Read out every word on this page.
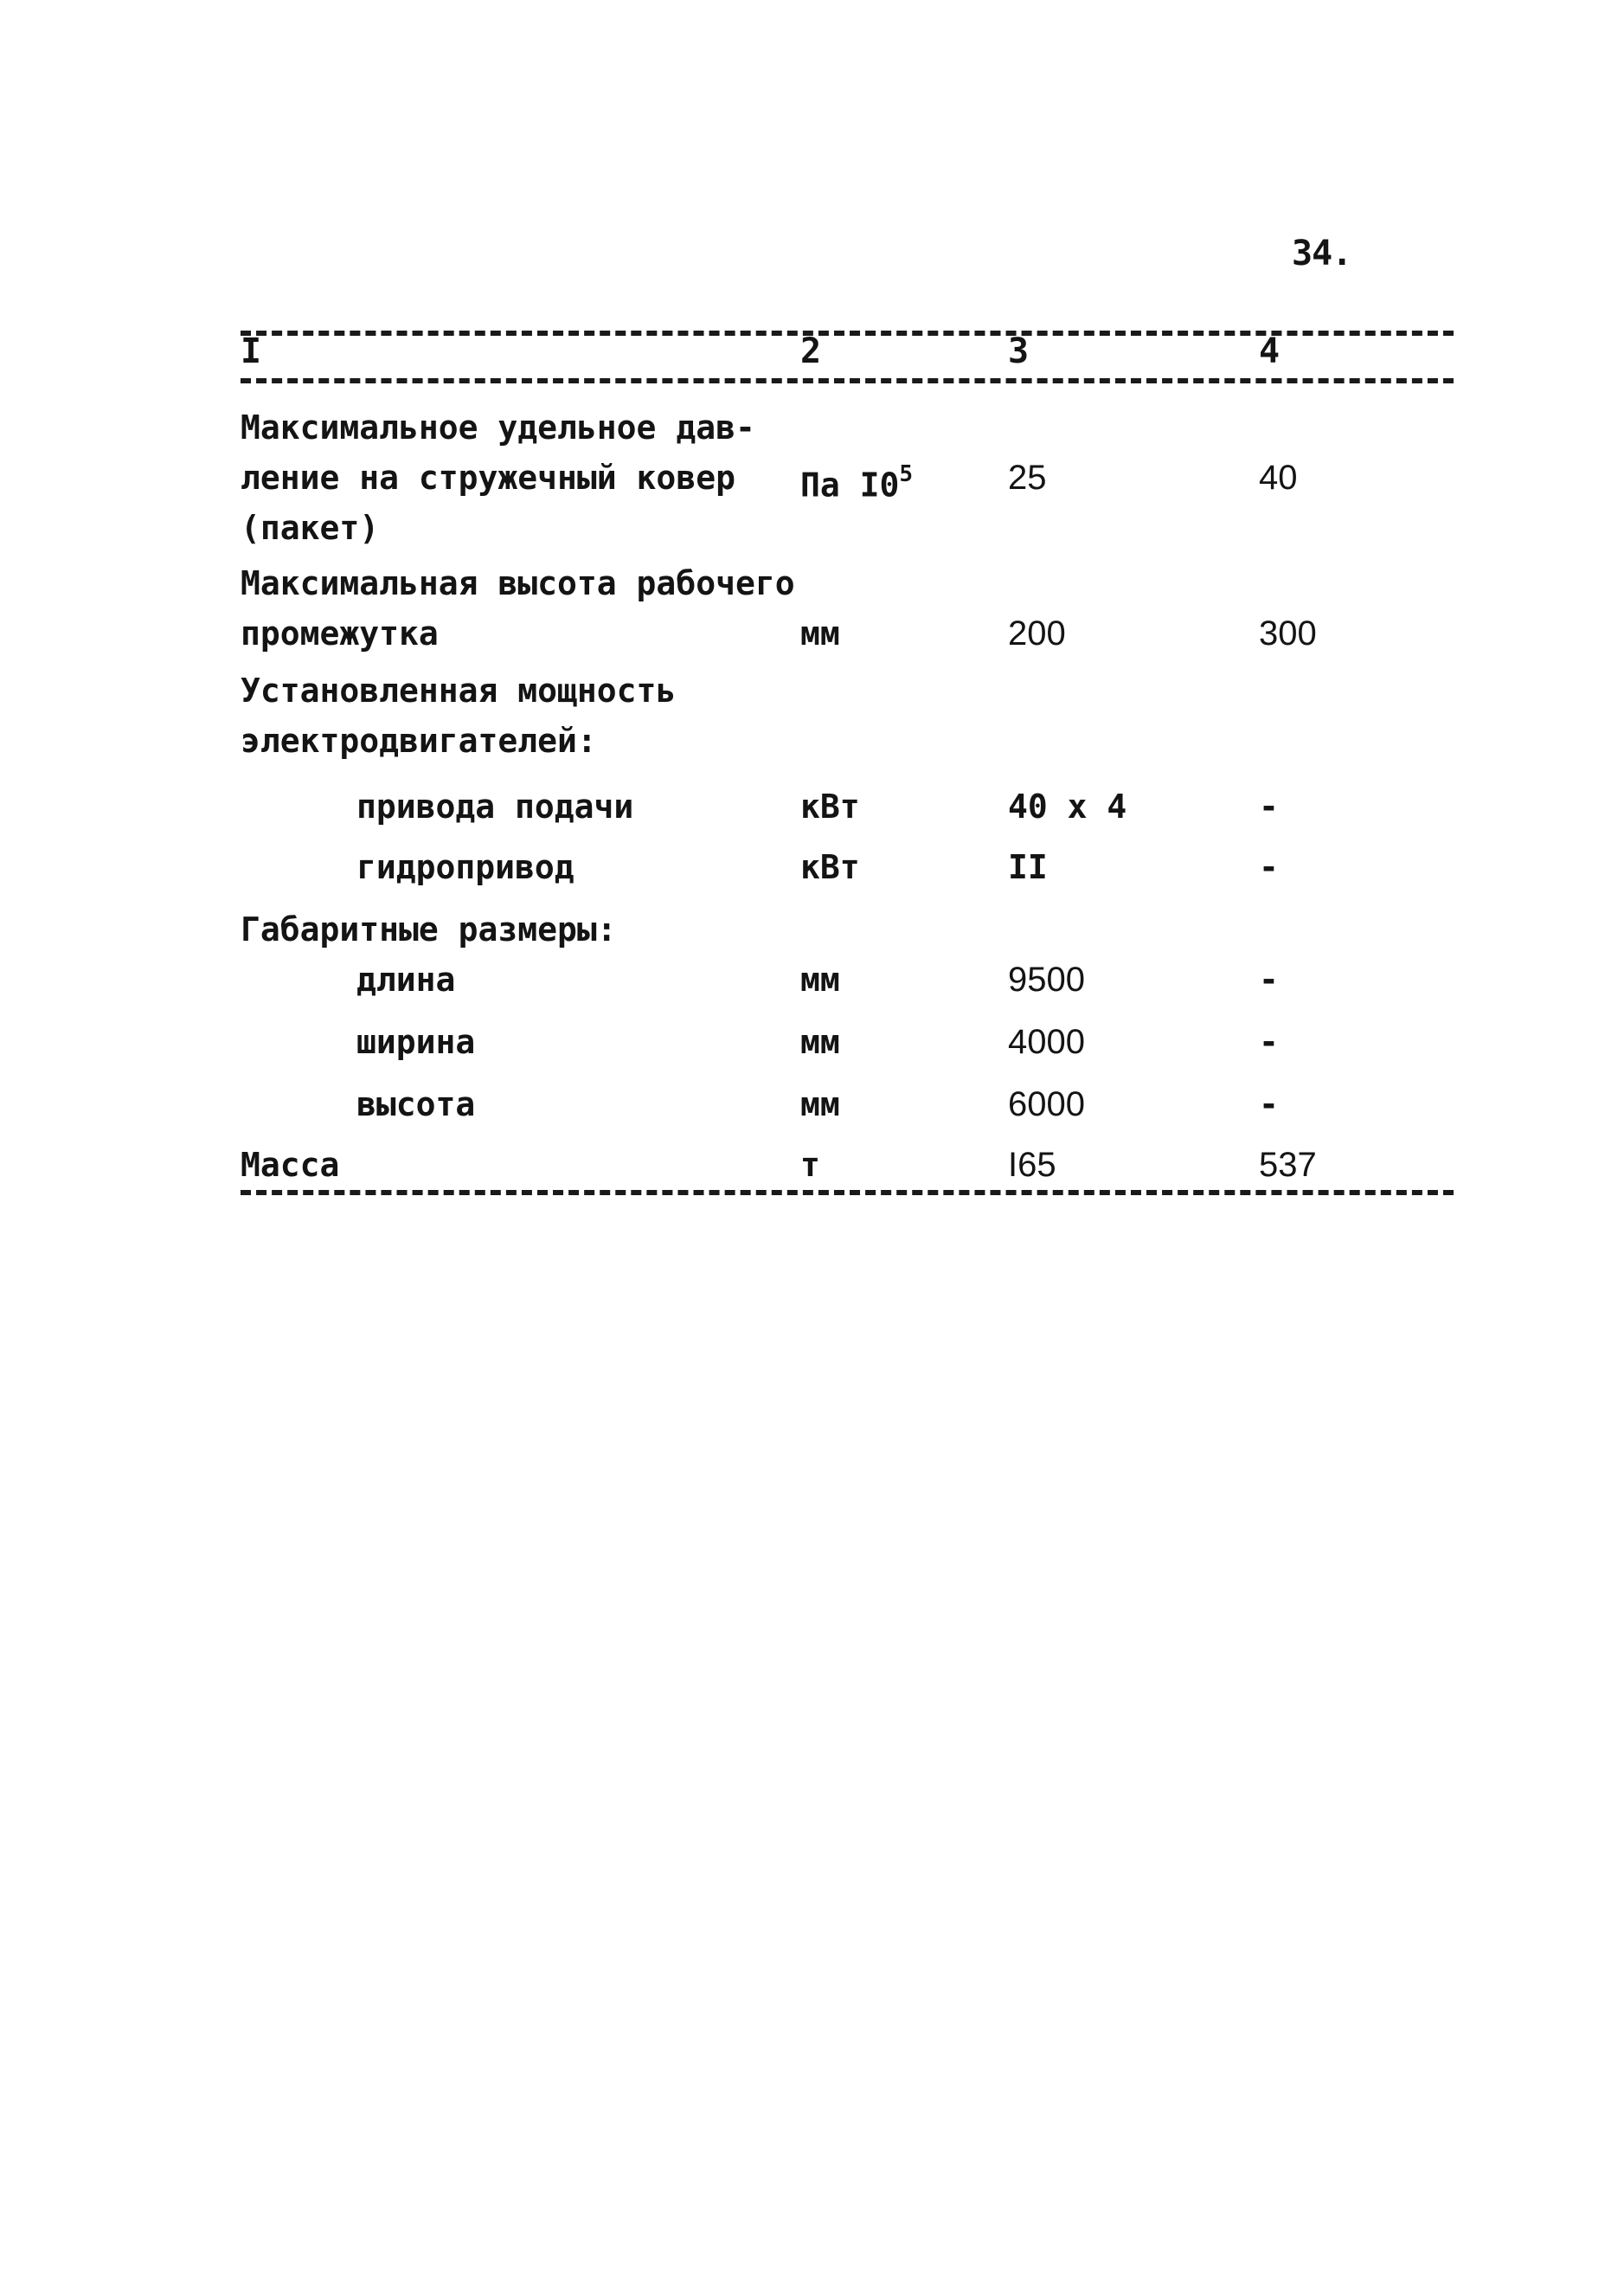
34.
I	2	3	4
Максимальное удельное дав-
ление на стружечный ковер
(пакет)
Па $I0^5$	25	40
Максимальная высота рабочего
промежутка	мм	200	300
Установленная мощность
электродвигателей:
привода подачи	кВт	40 x 4	-
гидропривод	кВт	II	-
Габаритные размеры:
длина	мм	9500	-
ширина	мм	4000	-
высота	мм	6000	-
Масса	т	I65	537
